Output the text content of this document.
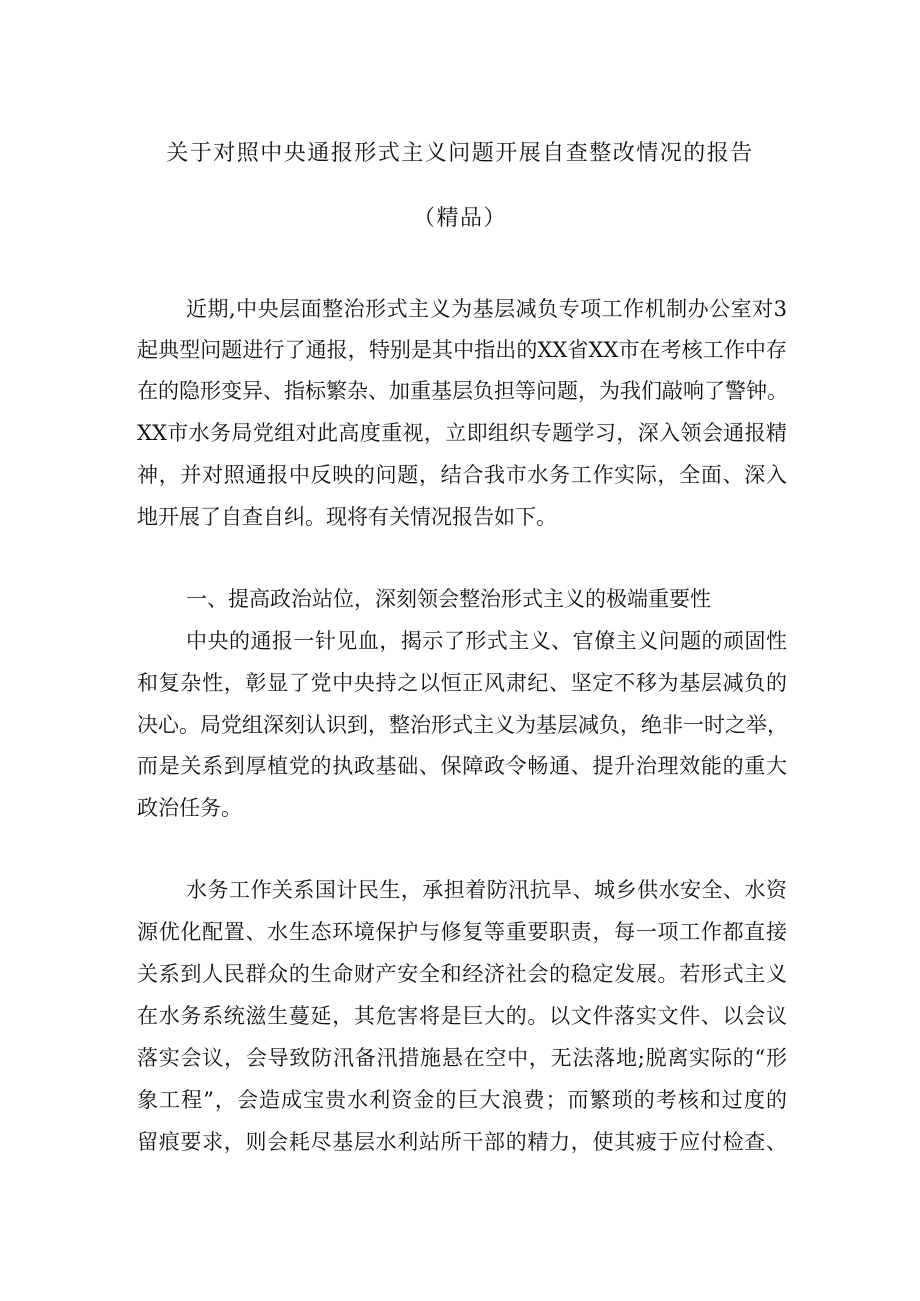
关于对照中央通报形式主义问题开展自查整改情况的报告
（精品）
近期,中央层面整治形式主义为基层减负专项工作机制办公室对3
起典型问题进行了通报，特别是其中指出的XX省XX市在考核工作中存
在的隐形变异、指标繁杂、加重基层负担等问题，为我们敲响了警钟。
XX市水务局党组对此高度重视，立即组织专题学习，深入领会通报精
神，并对照通报中反映的问题，结合我市水务工作实际，全面、深入
地开展了自查自纠。现将有关情况报告如下。
一、提高政治站位，深刻领会整治形式主义的极端重要性
中央的通报一针见血，揭示了形式主义、官僚主义问题的顽固性
和复杂性，彰显了党中央持之以恒正风肃纪、坚定不移为基层减负的
决心。局党组深刻认识到，整治形式主义为基层减负，绝非一时之举，
而是关系到厚植党的执政基础、保障政令畅通、提升治理效能的重大
政治任务。
水务工作关系国计民生，承担着防汛抗旱、城乡供水安全、水资
源优化配置、水生态环境保护与修复等重要职责，每一项工作都直接
关系到人民群众的生命财产安全和经济社会的稳定发展。若形式主义
在水务系统滋生蔓延，其危害将是巨大的。以文件落实文件、以会议
落实会议，会导致防汛备汛措施悬在空中，无法落地;脱离实际的“形
象工程”，会造成宝贵水利资金的巨大浪费；而繁琐的考核和过度的
留痕要求，则会耗尽基层水利站所干部的精力，使其疲于应付检查、
